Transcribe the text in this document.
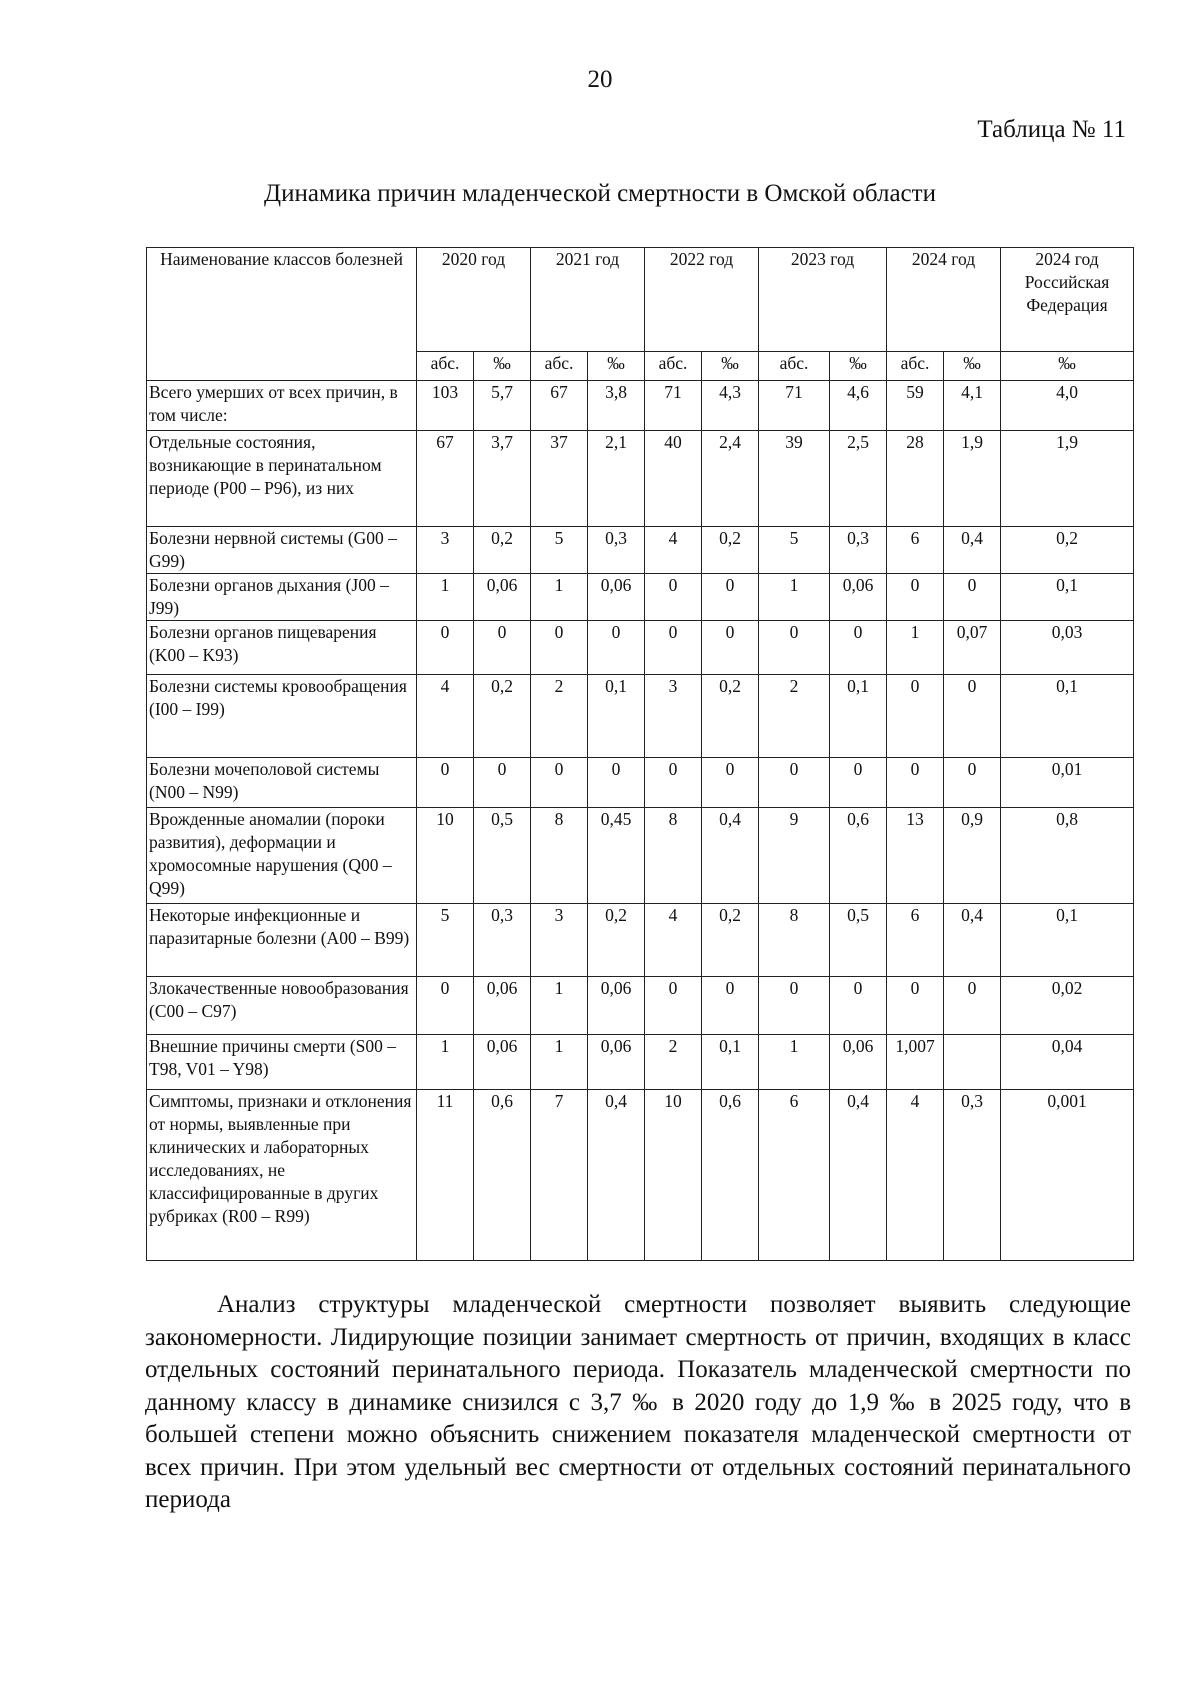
20
Таблица № 11
Динамика причин младенческой смертности в Омской области
Наименование классов болезней	2020 год		2021 год		2022 год		2023 год		2024 год		2024 год Российская Федерация
	абс.	‰	абс.	‰	абс.	‰	абс.	‰	абс.	‰	‰
Всего умерших от всех причин, в том числе:	103	5,7	67	3,8	71	4,3	71	4,6	59	4,1	4,0
Отдельные состояния, возникающие в перинатальном периоде (P00 – P96), из них	67	3,7	37	2,1	40	2,4	39	2,5	28	1,9	1,9
Болезни нервной системы (G00 – G99)	3	0,2	5	0,3	4	0,2	5	0,3	6	0,4	0,2
Болезни органов дыхания (J00 – J99)	1	0,06	1	0,06	0	0	1	0,06	0	0	0,1
Болезни органов пищеварения (K00 – K93)	0	0	0	0	0	0	0	0	1	0,07	0,03
Болезни системы кровообращения (I00 – I99)	4	0,2	2	0,1	3	0,2	2	0,1	0	0	0,1
Болезни мочеполовой системы (N00 – N99)	0	0	0	0	0	0	0	0	0	0	0,01
Врожденные аномалии (пороки развития), деформации и хромосомные нарушения (Q00 – Q99)	10	0,5	8	0,45	8	0,4	9	0,6	13	0,9	0,8
Некоторые инфекционные и паразитарные болезни (A00 – B99)	5	0,3	3	0,2	4	0,2	8	0,5	6	0,4	0,1
Злокачественные новообразования (C00 – C97)	0	0,06	1	0,06	0	0	0	0	0	0	0,02
Внешние причины смерти (S00 – T98, V01 – Y98)	1	0,06	1	0,06	2	0,1	1	0,06	1,007		0,04
Симптомы, признаки и отклонения от нормы, выявленные при клинических и лабораторных исследованиях, не классифицированные в других рубриках (R00 – R99)	11	0,6	7	0,4	10	0,6	6	0,4	4	0,3	0,001

Анализ структуры младенческой смертности позволяет выявить следующие закономерности. Лидирующие позиции занимает смертность от причин, входящих в класс отдельных состояний перинатального периода. Показатель младенческой смертности по данному классу в динамике снизился с 3,7 ‰ в 2020 году до 1,9 ‰ в 2025 году, что в большей степени можно объяснить снижением показателя младенческой смертности от всех причин. При этом удельный вес смертности от отдельных состояний перинатального периода
